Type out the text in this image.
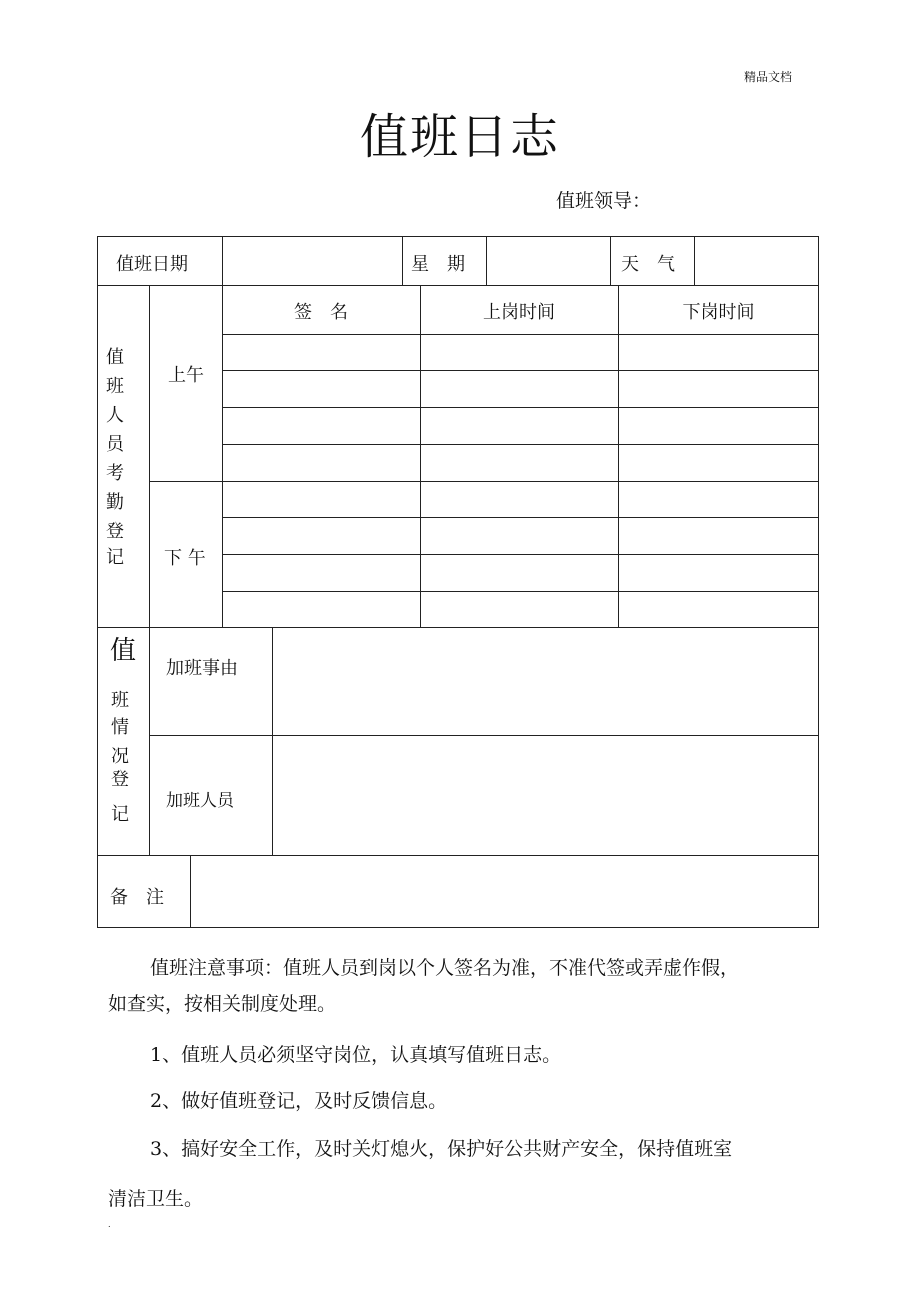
精品文档
值班日志
值班领导：
值班日期	星　期	天　气
值
班
人
员
考
勤
登
记
上午
下 午
签　名	上岗时间	下岗时间
值
班
情
况
登
记
加班事由
加班人员
备　注
值班注意事项：值班人员到岗以个人签名为准，不准代签或弄虚作假，
如查实，按相关制度处理。
1、值班人员必须坚守岗位，认真填写值班日志。
2、做好值班登记，及时反馈信息。
3、搞好安全工作，及时关灯熄火，保护好公共财产安全，保持值班室
清洁卫生。
.
